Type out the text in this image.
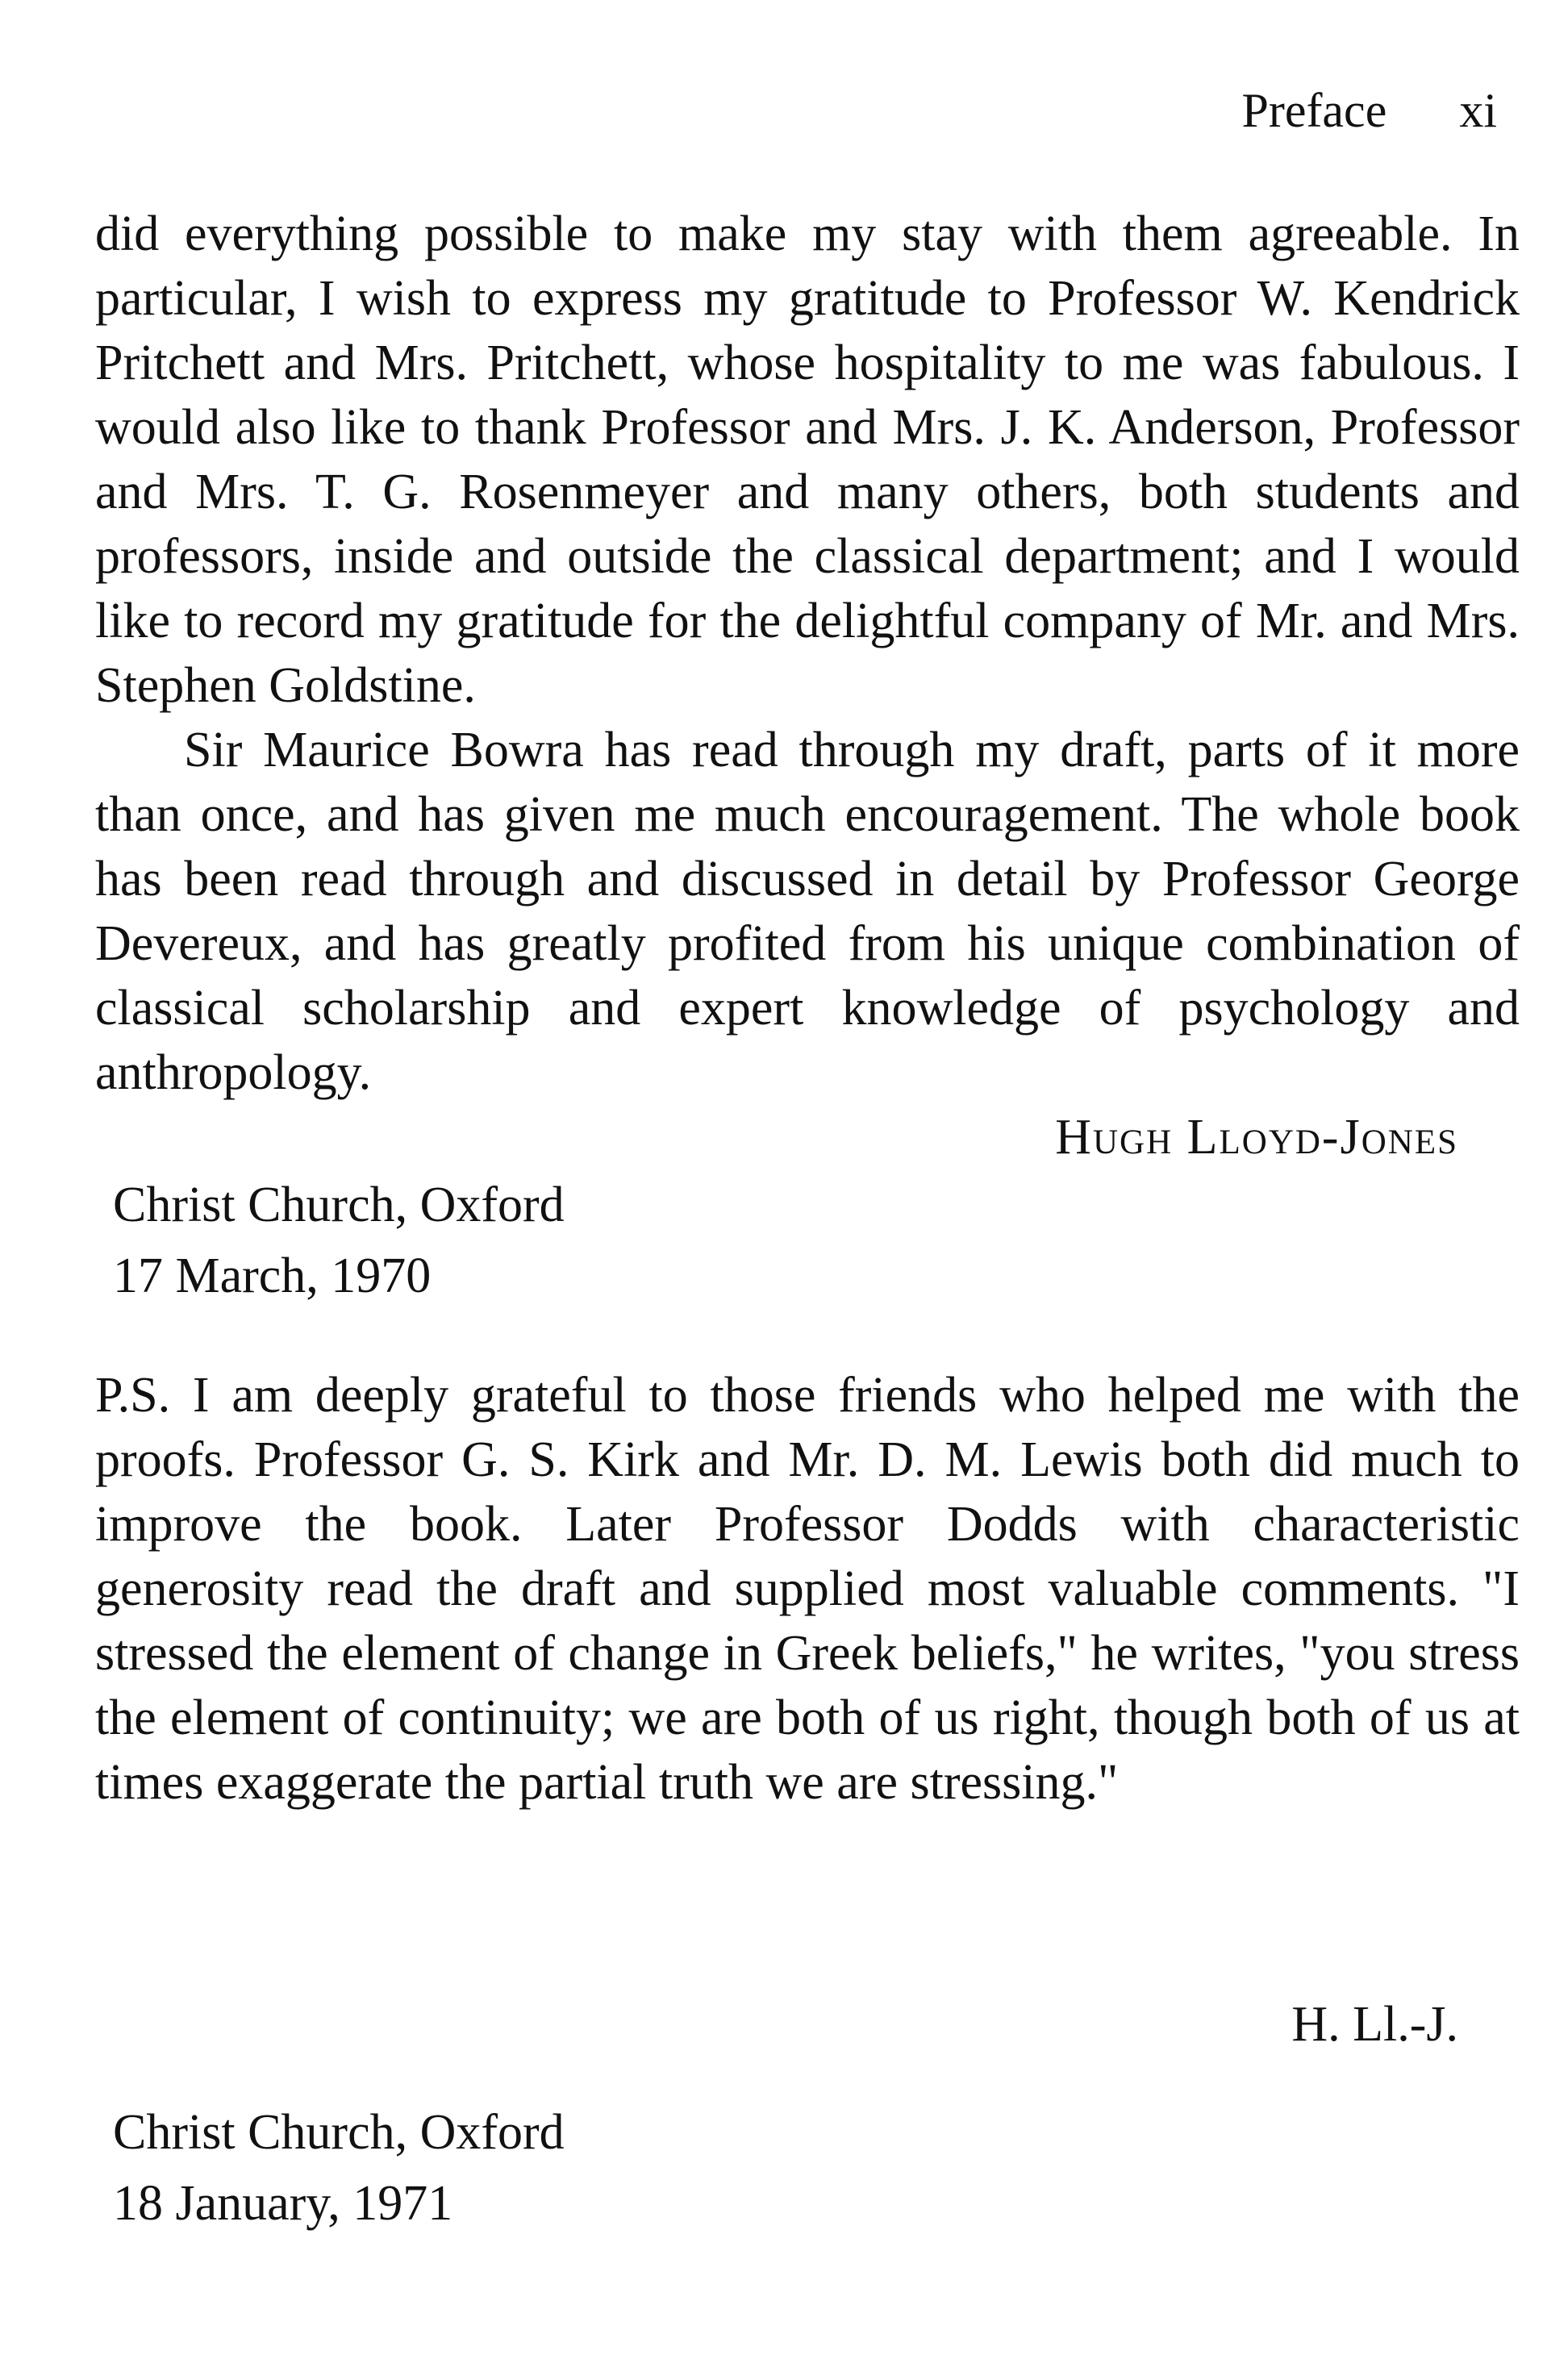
Preface xi

did everything possible to make my stay with them agreeable. In particular, I wish to express my gratitude to Professor W. Kendrick Pritchett and Mrs. Pritchett, whose hospitality to me was fabulous. I would also like to thank Professor and Mrs. J. K. Anderson, Professor and Mrs. T. G. Rosenmeyer and many others, both students and professors, inside and outside the classical department; and I would like to record my gratitude for the delightful company of Mr. and Mrs. Stephen Goldstine.

Sir Maurice Bowra has read through my draft, parts of it more than once, and has given me much encouragement. The whole book has been read through and discussed in detail by Professor George Devereux, and has greatly profited from his unique combination of classical scholarship and expert knowledge of psychology and anthropology.

Hugh Lloyd-Jones
Christ Church, Oxford
17 March, 1970

P.S. I am deeply grateful to those friends who helped me with the proofs. Professor G. S. Kirk and Mr. D. M. Lewis both did much to improve the book. Later Professor Dodds with characteristic generosity read the draft and supplied most valuable comments. "I stressed the element of change in Greek beliefs," he writes, "you stress the element of continuity; we are both of us right, though both of us at times exaggerate the partial truth we are stressing."

H. Ll.-J.
Christ Church, Oxford
18 January, 1971
